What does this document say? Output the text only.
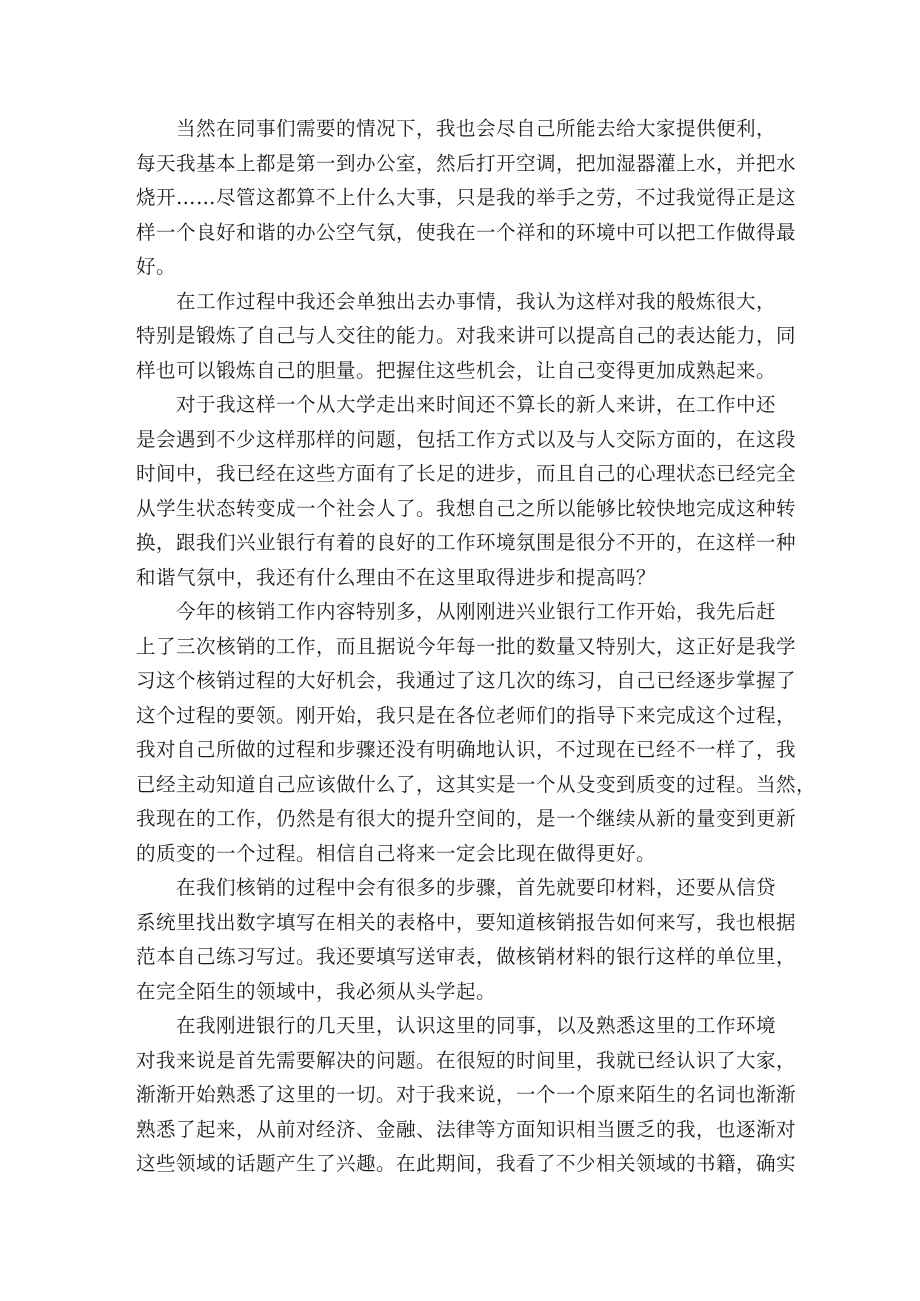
当然在同事们需要的情况下，我也会尽自己所能去给大家提供便利，
每天我基本上都是第一到办公室，然后打开空调，把加湿器灌上水，并把水
烧开……尽管这都算不上什么大事，只是我的举手之劳，不过我觉得正是这
样一个良好和谐的办公空气氛，使我在一个祥和的环境中可以把工作做得最
好。

在工作过程中我还会单独出去办事情，我认为这样对我的般炼很大，
特别是锻炼了自己与人交往的能力。对我来讲可以提高自己的表达能力，同
样也可以锻炼自己的胆量。把握住这些机会，让自己变得更加成熟起来。

对于我这样一个从大学走出来时间还不算长的新人来讲，在工作中还
是会遇到不少这样那样的问题，包括工作方式以及与人交际方面的，在这段
时间中，我已经在这些方面有了长足的进步，而且自己的心理状态已经完全
从学生状态转变成一个社会人了。我想自己之所以能够比较快地完成这种转
换，跟我们兴业银行有着的良好的工作环境氛围是很分不开的，在这样一种
和谐气氛中，我还有什么理由不在这里取得进步和提高吗？

今年的核销工作内容特别多，从刚刚进兴业银行工作开始，我先后赶
上了三次核销的工作，而且据说今年每一批的数量又特别大，这正好是我学
习这个核销过程的大好机会，我通过了这几次的练习，自己已经逐步掌握了
这个过程的要领。刚开始，我只是在各位老师们的指导下来完成这个过程，
我对自己所做的过程和步骤还没有明确地认识，不过现在已经不一样了，我
已经主动知道自己应该做什么了，这其实是一个从殳变到质变的过程。当然，
我现在的工作，仍然是有很大的提升空间的，是一个继续从新的量变到更新
的质变的一个过程。相信自己将来一定会比现在做得更好。

在我们核销的过程中会有很多的步骤，首先就要印材料，还要从信贷
系统里找出数字填写在相关的表格中，要知道核销报告如何来写，我也根据
范本自己练习写过。我还要填写送审表，做核销材料的银行这样的单位里，
在完全陌生的领域中，我必须从头学起。

在我刚进银行的几天里，认识这里的同事，以及熟悉这里的工作环境
对我来说是首先需要解决的问题。在很短的时间里，我就已经认识了大家，
渐渐开始熟悉了这里的一切。对于我来说，一个一个原来陌生的名词也渐渐
熟悉了起来，从前对经济、金融、法律等方面知识相当匮乏的我，也逐渐对
这些领域的话题产生了兴趣。在此期间，我看了不少相关领域的书籍，确实
